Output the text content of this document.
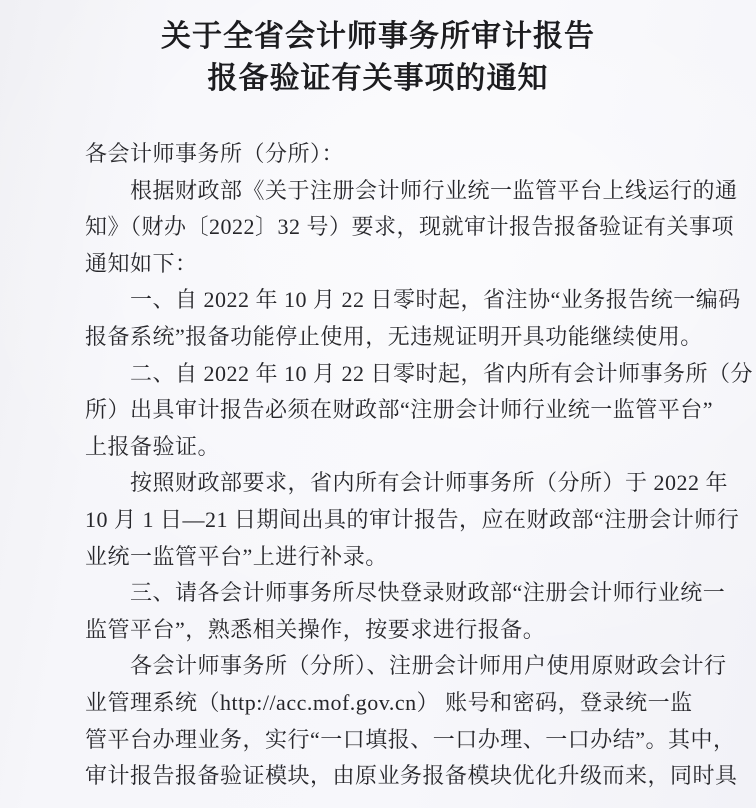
关于全省会计师事务所审计报告
报备验证有关事项的通知
各会计师事务所（分所）：
根据财政部《关于注册会计师行业统一监管平台上线运行的通
知》（财办〔2022〕32 号）要求，现就审计报告报备验证有关事项
通知如下：
一、自 2022 年 10 月 22 日零时起，省注协“业务报告统一编码
报备系统”报备功能停止使用，无违规证明开具功能继续使用。
二、自 2022 年 10 月 22 日零时起，省内所有会计师事务所（分
所）出具审计报告必须在财政部“注册会计师行业统一监管平台”
上报备验证。
按照财政部要求，省内所有会计师事务所（分所）于 2022 年
10 月 1 日—21 日期间出具的审计报告，应在财政部“注册会计师行
业统一监管平台”上进行补录。
三、请各会计师事务所尽快登录财政部“注册会计师行业统一
监管平台”，熟悉相关操作，按要求进行报备。
各会计师事务所（分所）、注册会计师用户使用原财政会计行
业管理系统（http://acc.mof.gov.cn） 账号和密码，登录统一监
管平台办理业务，实行“一口填报、一口办理、一口办结”。其中，
审计报告报备验证模块，由原业务报备模块优化升级而来，同时具
